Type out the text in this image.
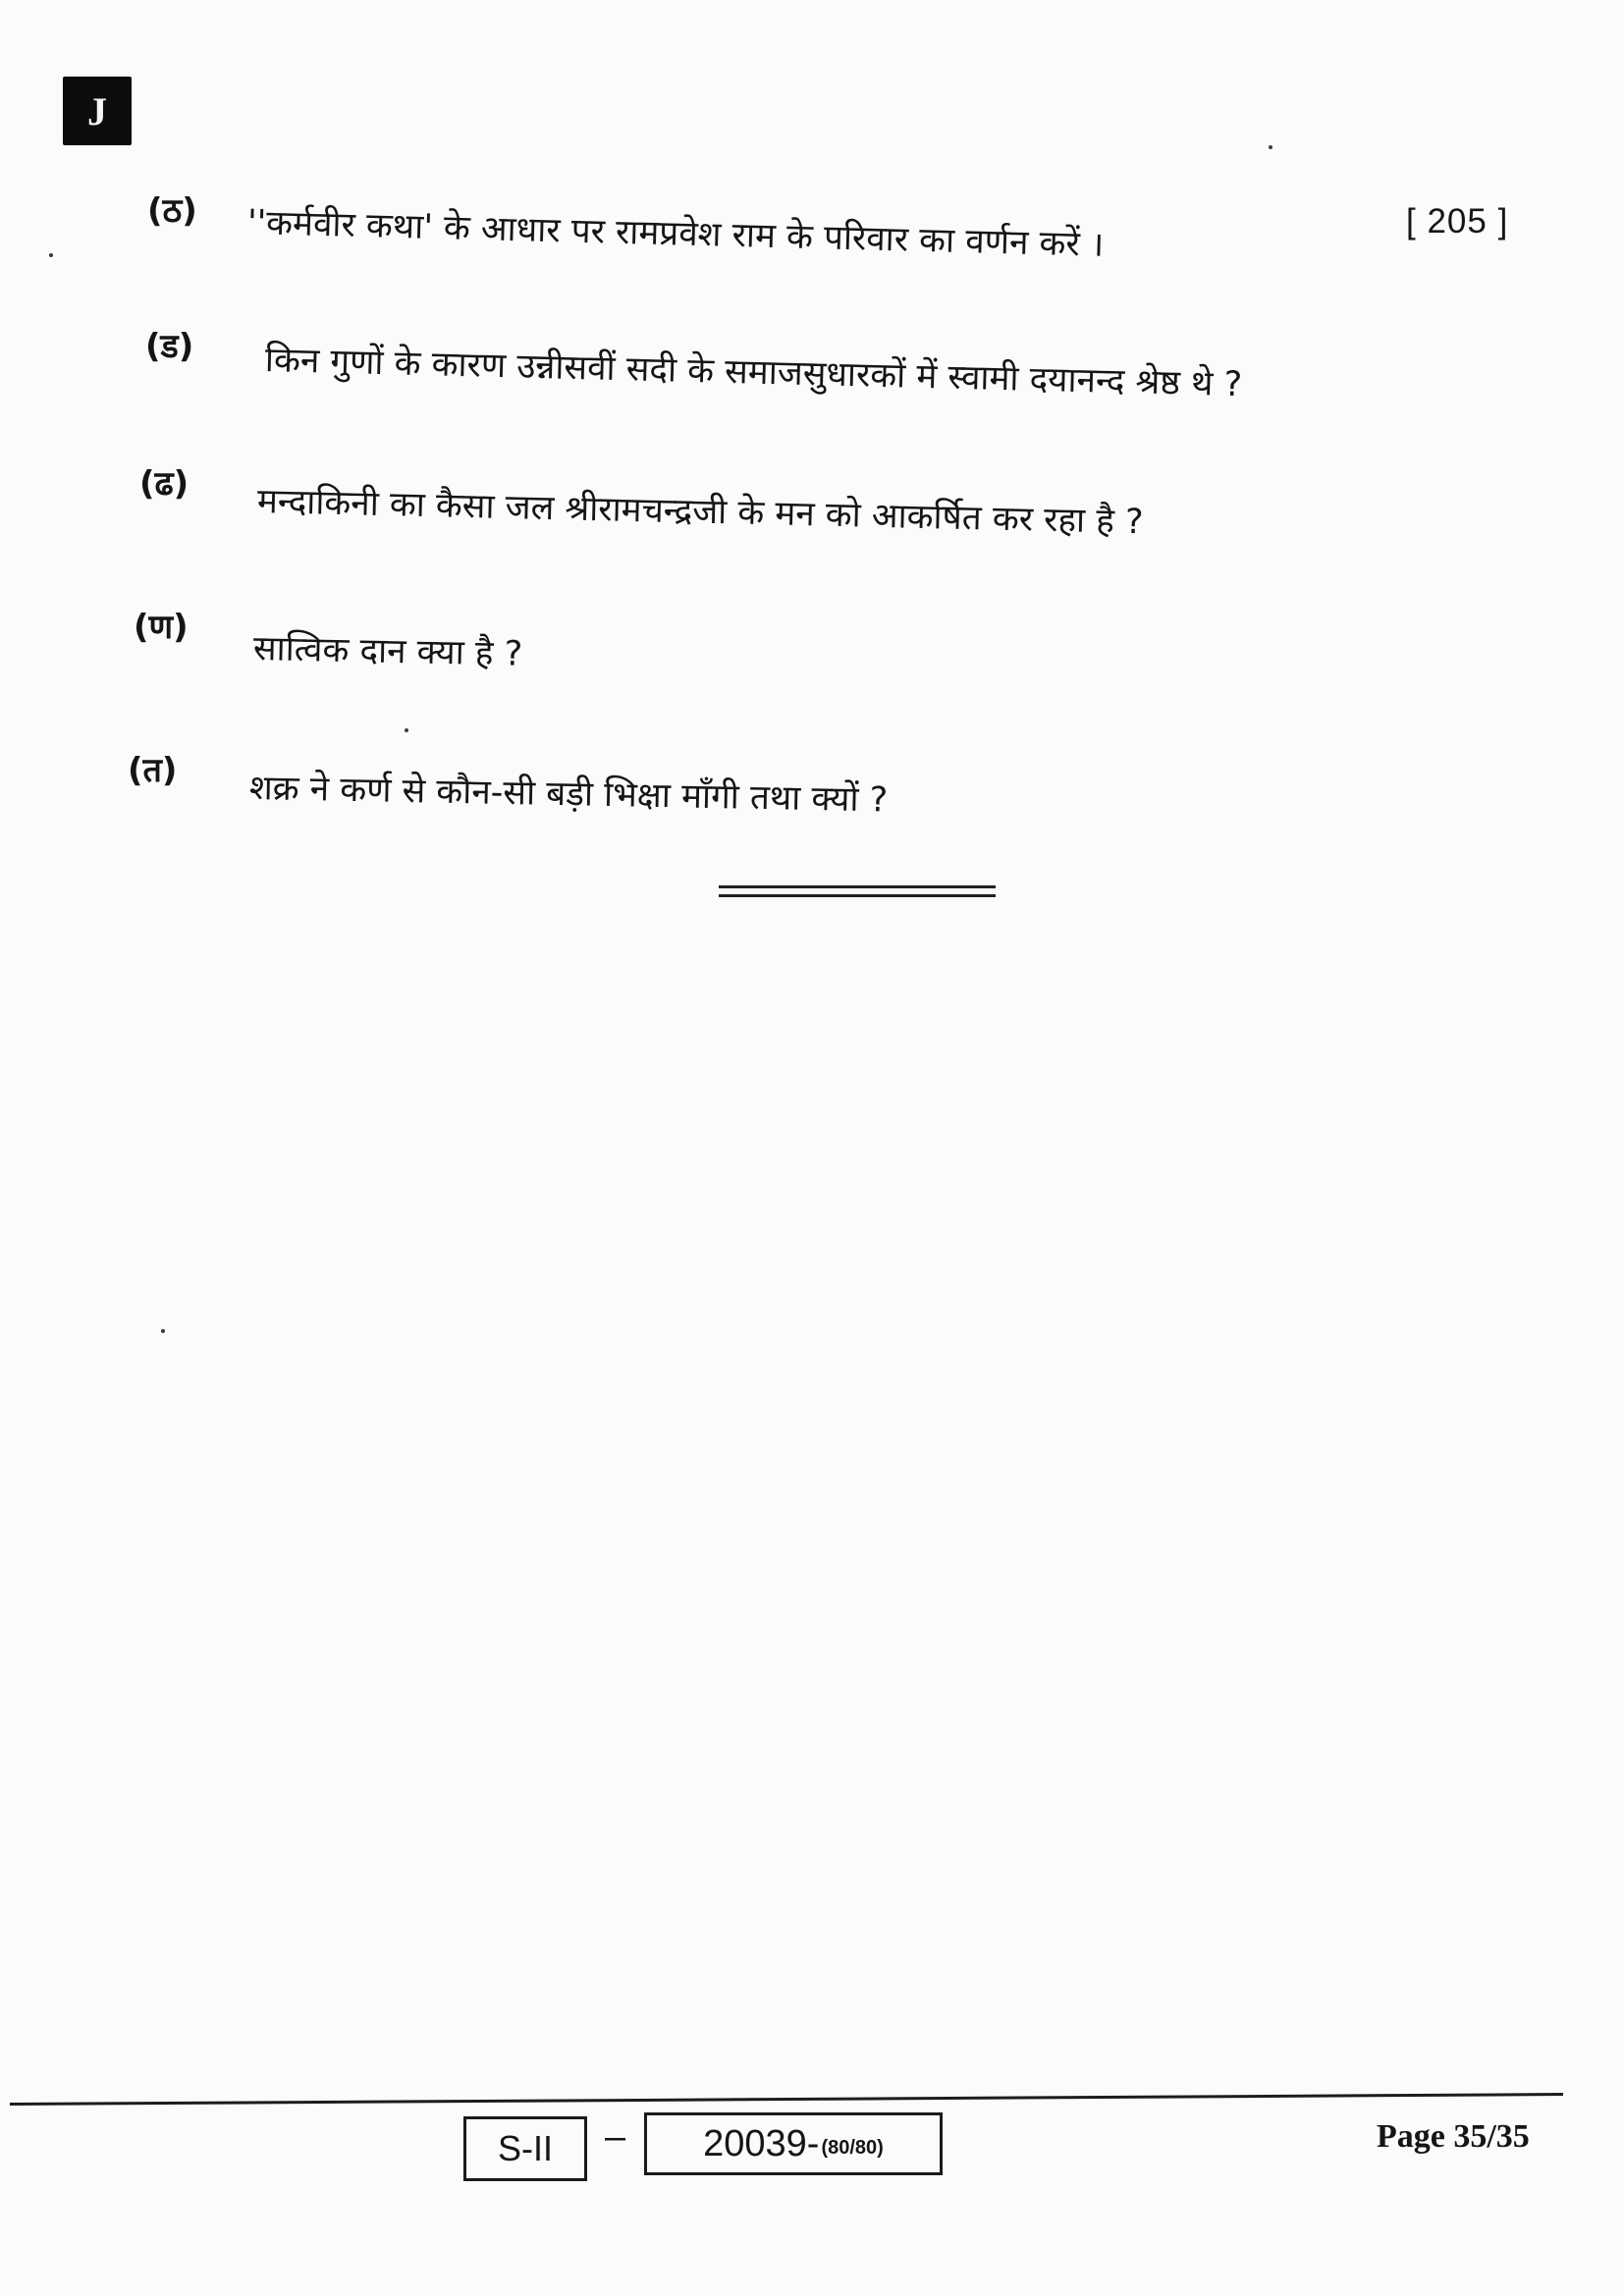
J
[ 205 ]
(ठ) ''कर्मवीर कथा' के आधार पर रामप्रवेश राम के परिवार का वर्णन करें ।
(ड) किन गुणों के कारण उन्नीसवीं सदी के समाजसुधारकों में स्वामी दयानन्द श्रेष्ठ थे ?
(ढ) मन्दाकिनी का कैसा जल श्रीरामचन्द्रजी के मन को आकर्षित कर रहा है ?
(ण)
सात्विक दान क्या है ?
(त) शक्र ने कर्ण से कौन-सी बड़ी भिक्षा माँगी तथा क्यों ?
S-II – 20039- (80/80)	Page 35/35
